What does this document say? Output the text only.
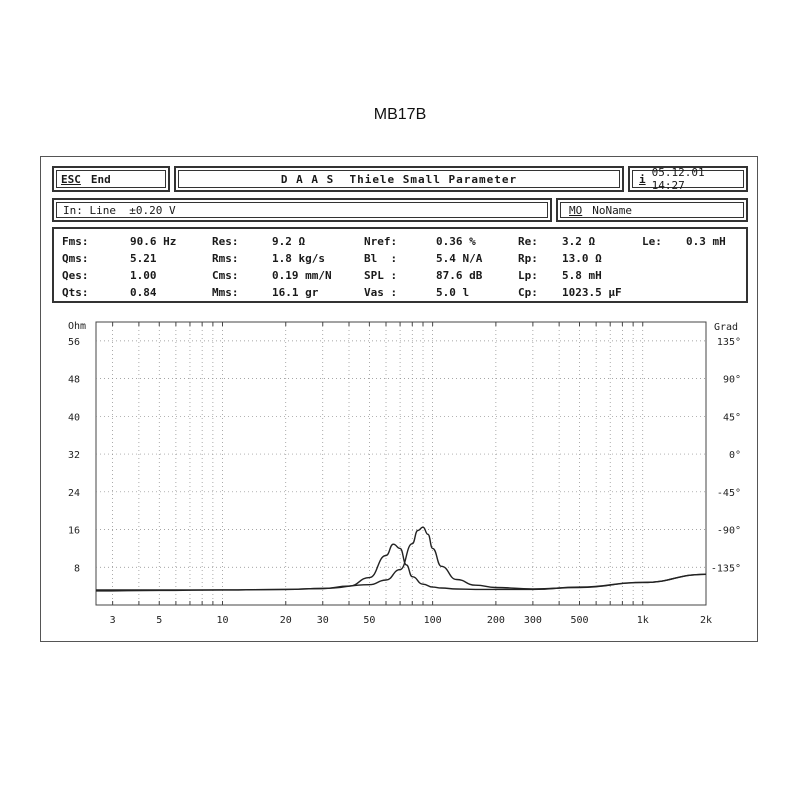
MB17B
ESC End	D A A S  Thiele Small Parameter	i 05.12.01 14:27
In: Line  ±0.20 V	MO NoName
Fms:	90.6 Hz	Res:	9.2 Ω	Nref:	0.36 %	Re: 3.2 Ω	Le: 0.3 mH
Qms:	5.21	Rms:	1.8 kg/s	Bl  :	5.4 N/A	Rp: 13.0 Ω
Qes:	1.00	Cms:	0.19 mm/N	SPL :	87.6 dB	Lp: 5.8 mH
Qts:	0.84	Mms:	16.1 gr	Vas :	5.0 l	Cp: 1023.5 µF
3	5	10	20 30	50	100	200 300	500	1k	2k
Ohm
8
16
24
32
40
48
56
Grad
135°
90°
45°
0°
-45°
-90°
-135°
